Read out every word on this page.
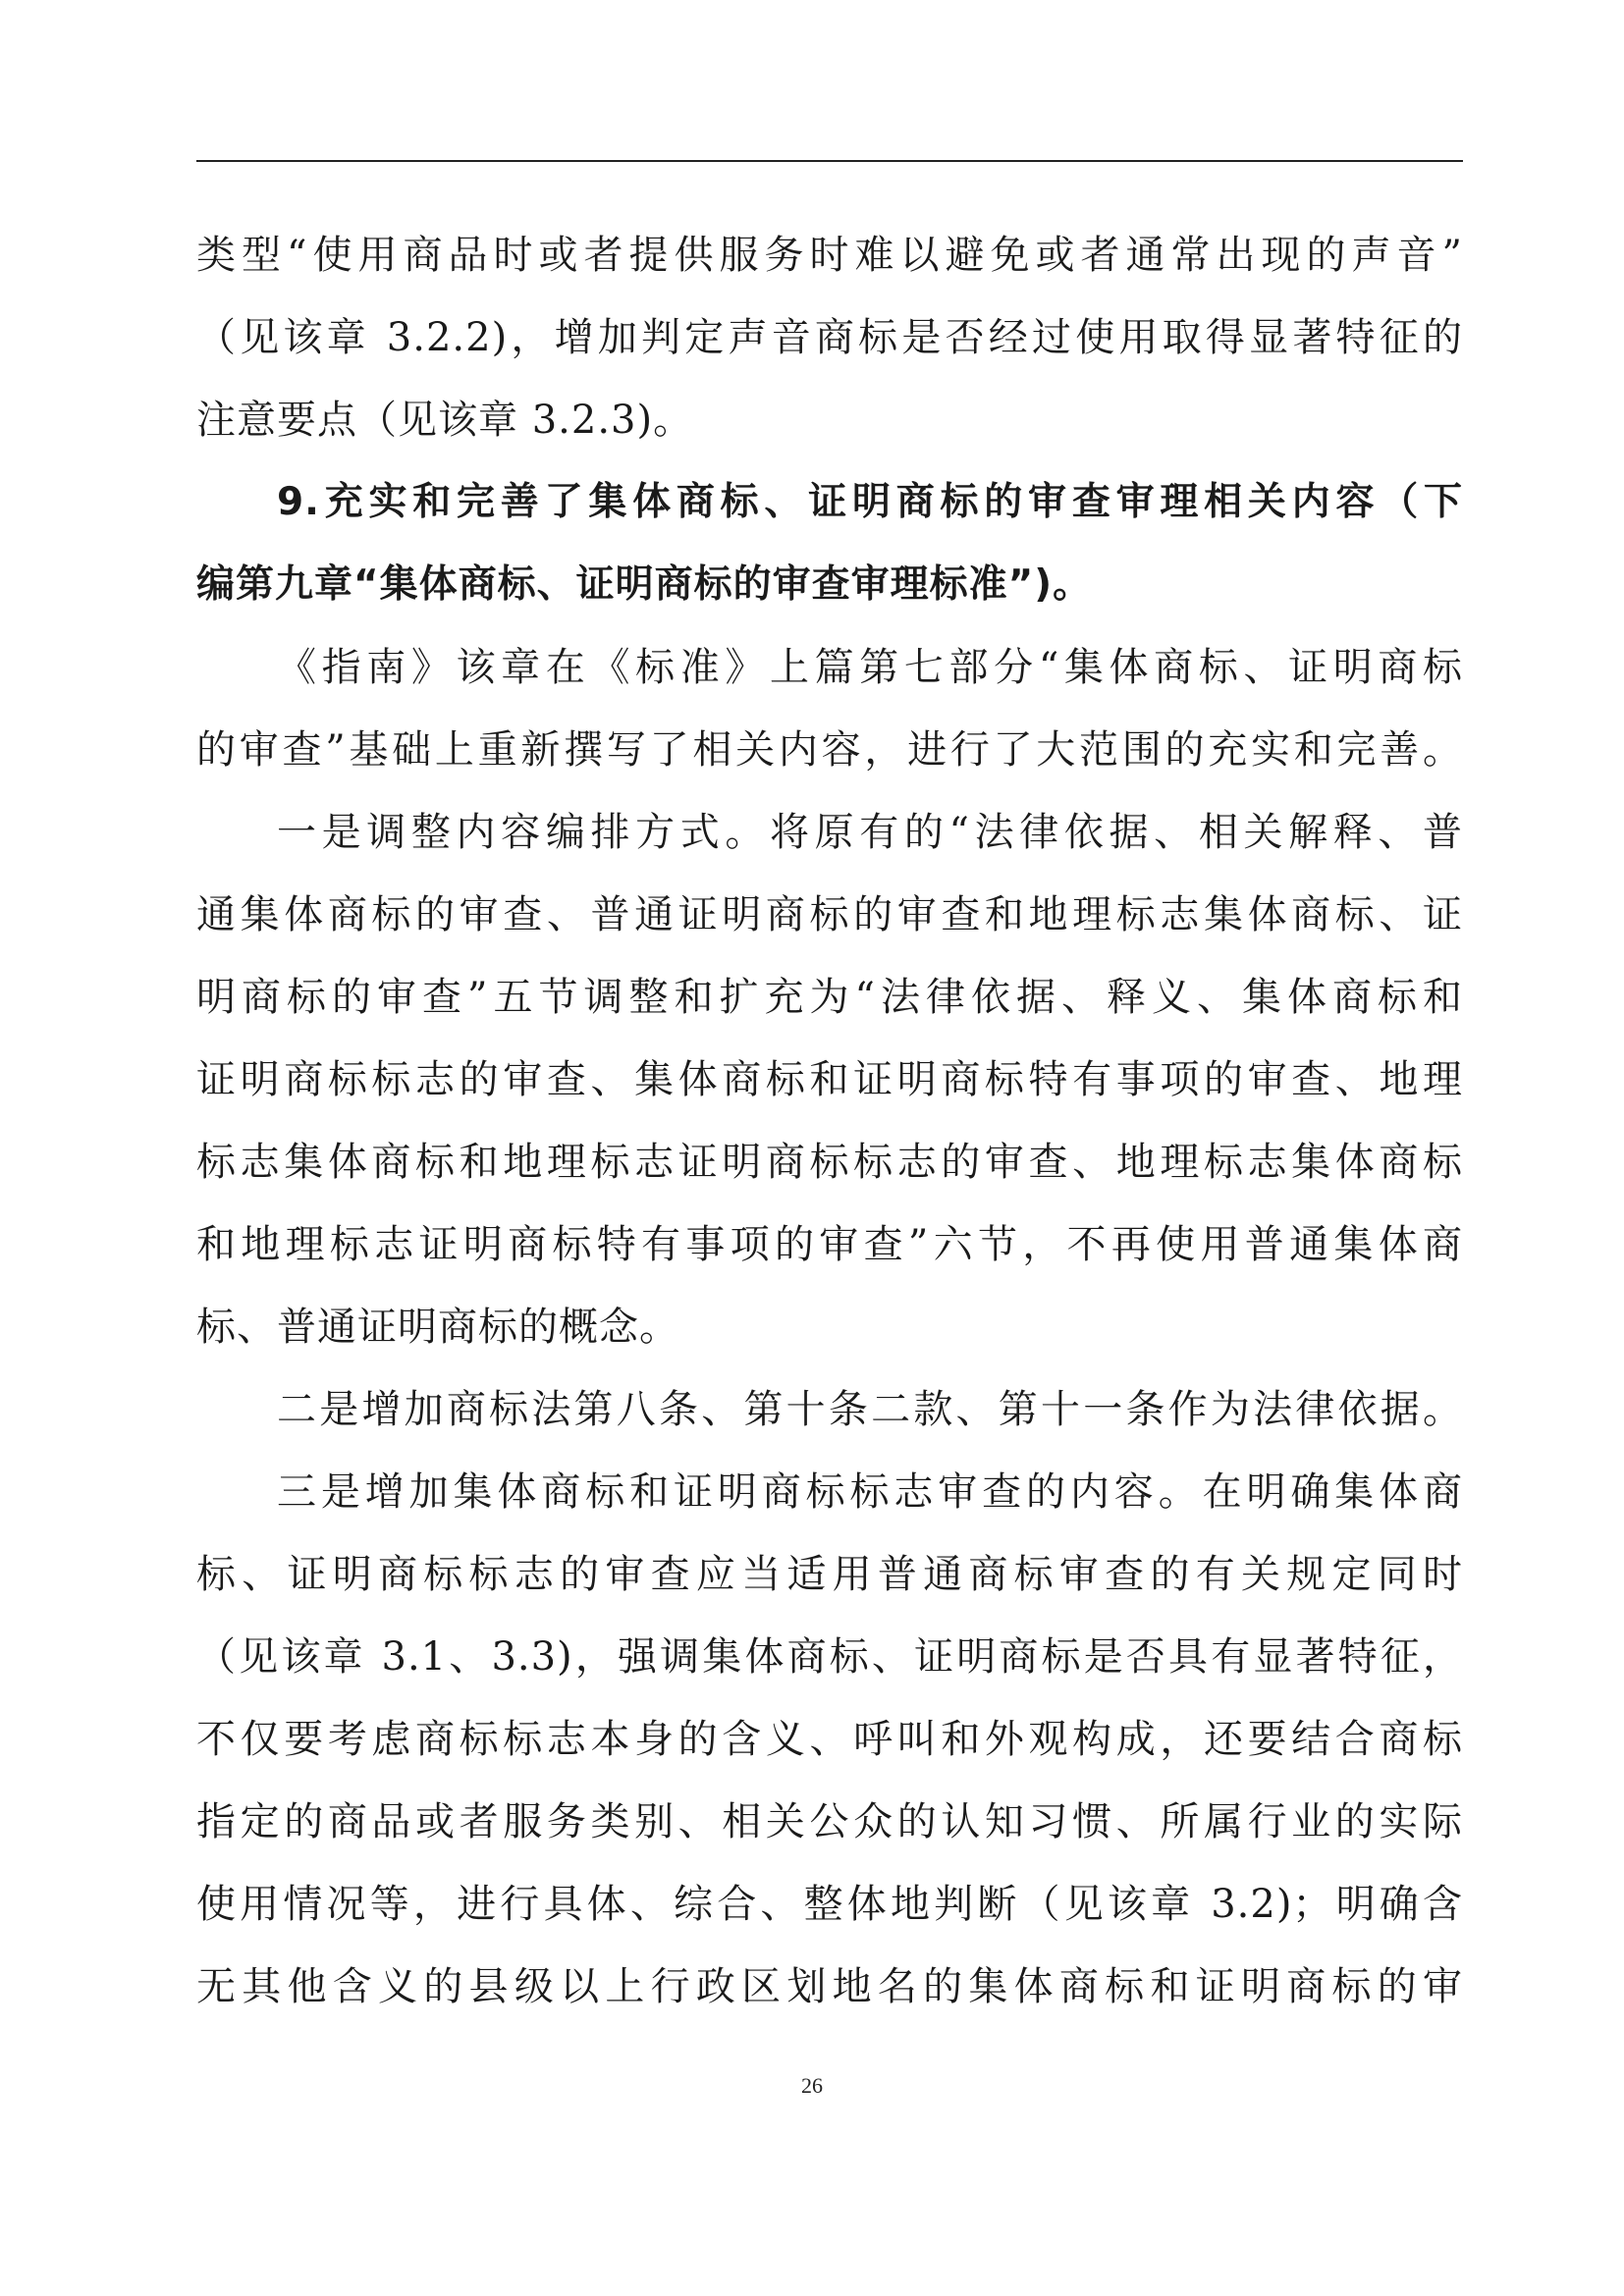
类型“使用商品时或者提供服务时难以避免或者通常出现的声音”
（见该章 3.2.2)，增加判定声音商标是否经过使用取得显著特征的
注意要点（见该章 3.2.3)。
9.充实和完善了集体商标、证明商标的审查审理相关内容（下
编第九章“集体商标、证明商标的审查审理标准”)。
《指南》该章在《标准》上篇第七部分“集体商标、证明商标
的审查”基础上重新撰写了相关内容，进行了大范围的充实和完善。
一是调整内容编排方式。将原有的“法律依据、相关解释、普
通集体商标的审查、普通证明商标的审查和地理标志集体商标、证
明商标的审查”五节调整和扩充为“法律依据、释义、集体商标和
证明商标标志的审查、集体商标和证明商标特有事项的审查、地理
标志集体商标和地理标志证明商标标志的审查、地理标志集体商标
和地理标志证明商标特有事项的审查”六节，不再使用普通集体商
标、普通证明商标的概念。
二是增加商标法第八条、第十条二款、第十一条作为法律依据。
三是增加集体商标和证明商标标志审查的内容。在明确集体商
标、证明商标标志的审查应当适用普通商标审查的有关规定同时
（见该章 3.1、3.3)，强调集体商标、证明商标是否具有显著特征，
不仅要考虑商标标志本身的含义、呼叫和外观构成，还要结合商标
指定的商品或者服务类别、相关公众的认知习惯、所属行业的实际
使用情况等，进行具体、综合、整体地判断（见该章 3.2)；明确含
无其他含义的县级以上行政区划地名的集体商标和证明商标的审
26
